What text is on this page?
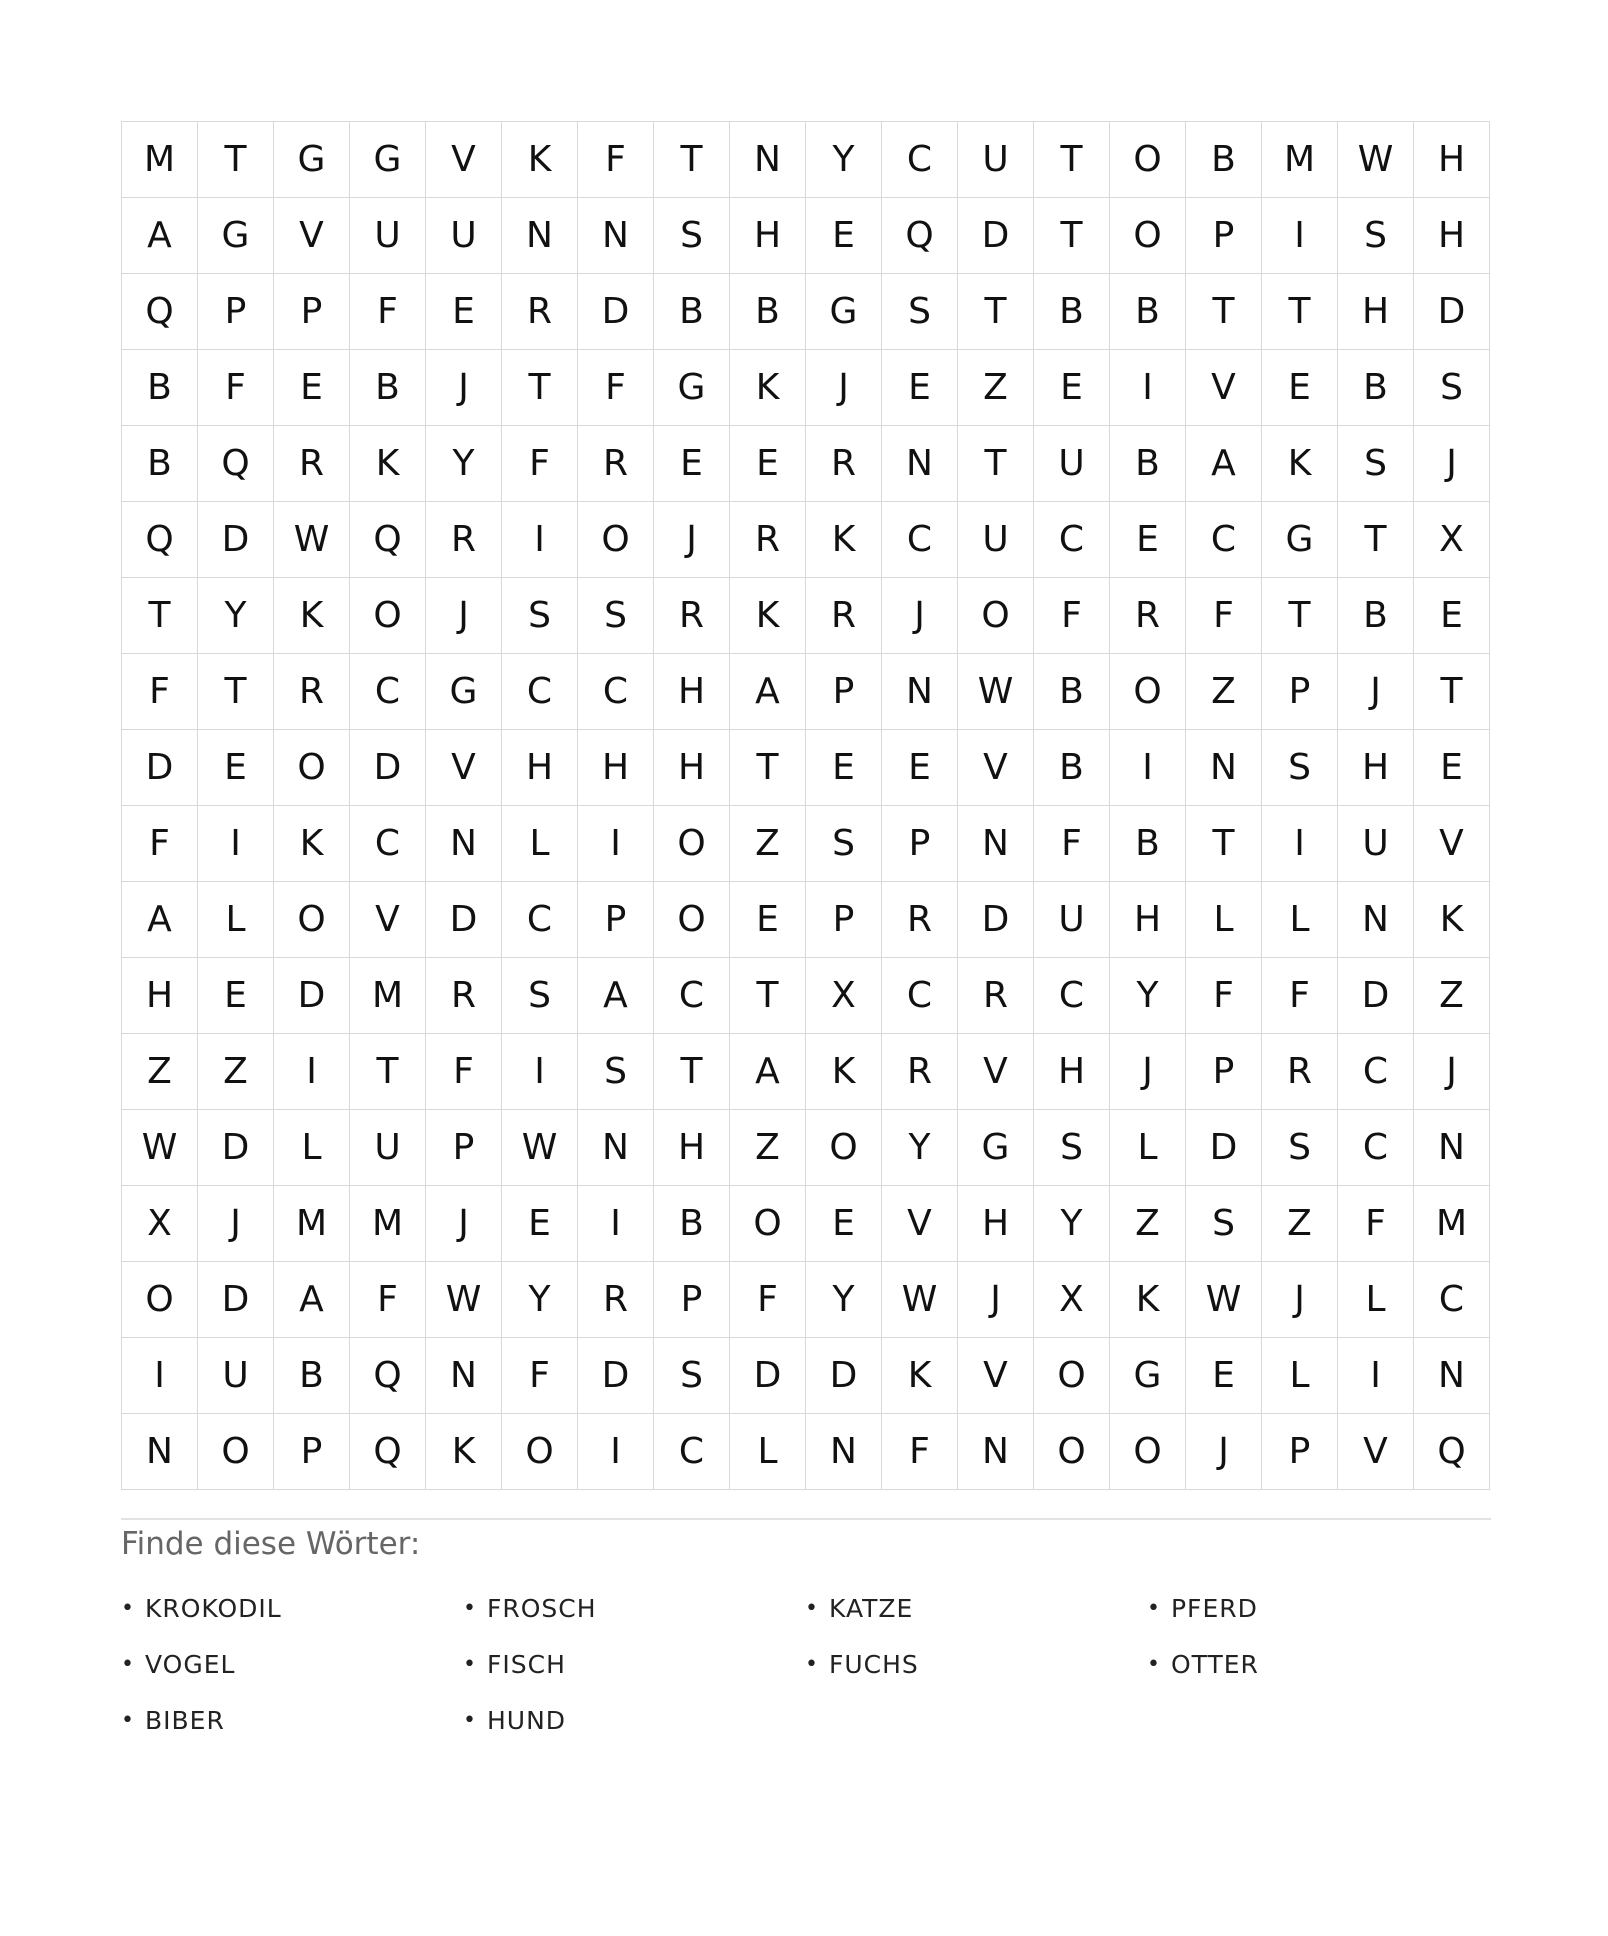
M	T	G	G	V	K	F	T	N	Y	C	U	T	O	B	M	W	H
A	G	V	U	U	N	N	S	H	E	Q	D	T	O	P	I	S	H
Q	P	P	F	E	R	D	B	B	G	S	T	B	B	T	T	H	D
B	F	E	B	J	T	F	G	K	J	E	Z	E	I	V	E	B	S
B	Q	R	K	Y	F	R	E	E	R	N	T	U	B	A	K	S	J
Q	D	W	Q	R	I	O	J	R	K	C	U	C	E	C	G	T	X
T	Y	K	O	J	S	S	R	K	R	J	O	F	R	F	T	B	E
F	T	R	C	G	C	C	H	A	P	N	W	B	O	Z	P	J	T
D	E	O	D	V	H	H	H	T	E	E	V	B	I	N	S	H	E
F	I	K	C	N	L	I	O	Z	S	P	N	F	B	T	I	U	V
A	L	O	V	D	C	P	O	E	P	R	D	U	H	L	L	N	K
H	E	D	M	R	S	A	C	T	X	C	R	C	Y	F	F	D	Z
Z	Z	I	T	F	I	S	T	A	K	R	V	H	J	P	R	C	J
W	D	L	U	P	W	N	H	Z	O	Y	G	S	L	D	S	C	N
X	J	M	M	J	E	I	B	O	E	V	H	Y	Z	S	Z	F	M
O	D	A	F	W	Y	R	P	F	Y	W	J	X	K	W	J	L	C
I	U	B	Q	N	F	D	S	D	D	K	V	O	G	E	L	I	N
N	O	P	Q	K	O	I	C	L	N	F	N	O	O	J	P	V	Q
Finde diese Wörter:
• KROKODIL	• FROSCH	• KATZE	• PFERD
• VOGEL	• FISCH	• FUCHS	• OTTER
• BIBER	• HUND
